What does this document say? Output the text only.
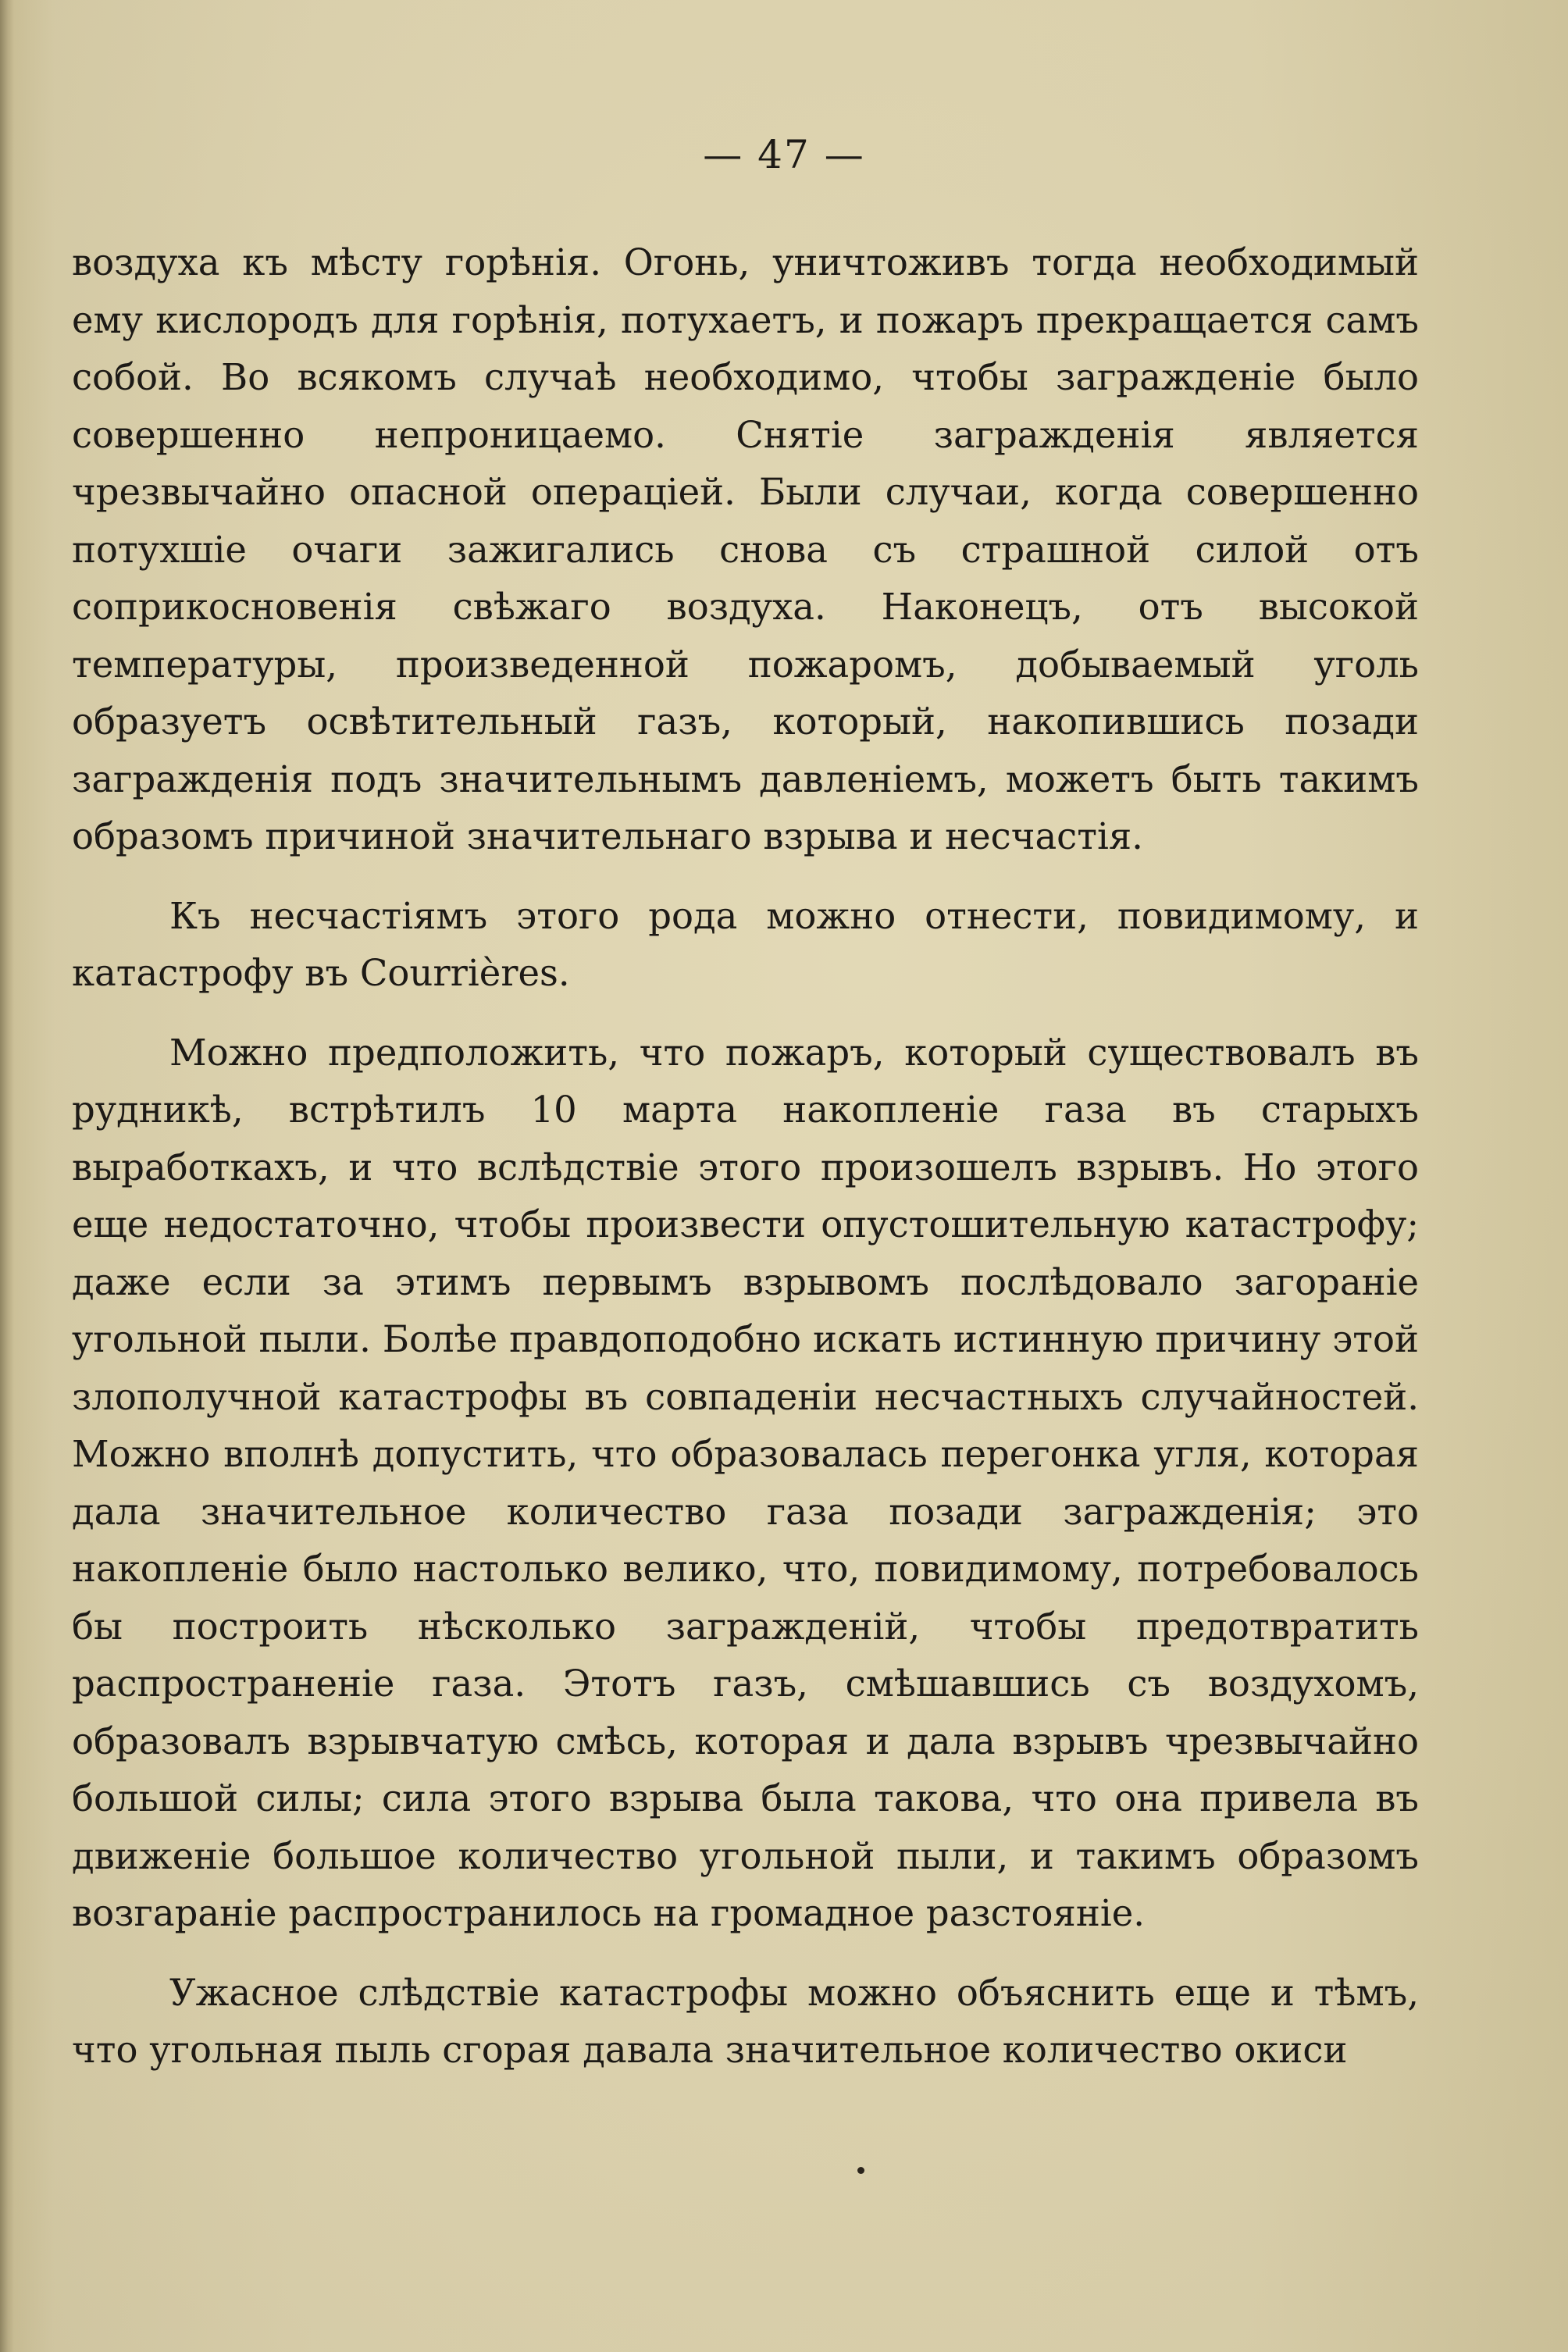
— 47 —

воздуха къ мѣсту горѣнія. Огонь, уничтоживъ тогда необходимый ему кислородъ для горѣнія, потухаетъ, и пожаръ прекращается самъ собой. Во всякомъ случаѣ необходимо, чтобы загражденіе было совершенно непроницаемо. Снятіе загражденія является чрезвычайно опасной операціей. Были случаи, когда совершенно потухшіе очаги зажигались снова съ страшной силой отъ соприкосновенія свѣжаго воздуха. Наконецъ, отъ высокой температуры, произведенной пожаромъ, добываемый уголь образуетъ освѣтительный газъ, который, накопившись позади загражденія подъ значительнымъ давленіемъ, можетъ быть такимъ образомъ причиной значительнаго взрыва и несчастія.

Къ несчастіямъ этого рода можно отнести, повидимому, и катастрофу въ Courrières.

Можно предположить, что пожаръ, который существовалъ въ рудникѣ, встрѣтилъ 10 марта накопленіе газа въ старыхъ выработкахъ, и что вслѣдствіе этого произошелъ взрывъ. Но этого еще недостаточно, чтобы произвести опустошительную катастрофу; даже если за этимъ первымъ взрывомъ послѣдовало загораніе угольной пыли. Болѣе правдоподобно искать истинную причину этой злополучной катастрофы въ совпаденіи несчастныхъ случайностей. Можно вполнѣ допустить, что образовалась перегонка угля, которая дала значительное количество газа позади загражденія; это накопленіе было настолько велико, что, повидимому, потребовалось бы построить нѣсколько загражденій, чтобы предотвратить распространеніе газа. Этотъ газъ, смѣшавшись съ воздухомъ, образовалъ взрывчатую смѣсь, которая и дала взрывъ чрезвычайно большой силы; сила этого взрыва была такова, что она привела въ движеніе большое количество угольной пыли, и такимъ образомъ возгараніе распространилось на громадное разстояніе.

Ужасное слѣдствіе катастрофы можно объяснить еще и тѣмъ, что угольная пыль сгорая давала значительное количество окиси
